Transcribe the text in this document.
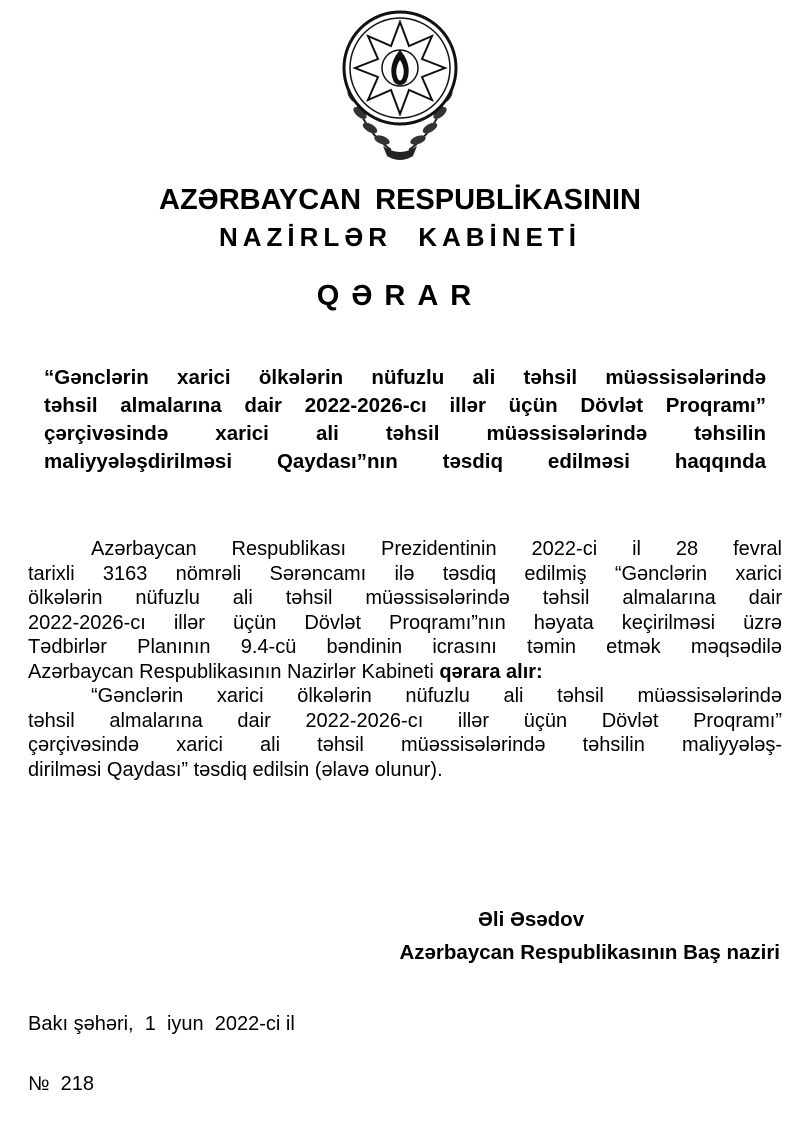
AZƏRBAYCAN RESPUBLİKASININ
NAZİRLƏR KABİNETİ
QƏRAR
“Gənclərin xarici ölkələrin nüfuzlu ali təhsil müəssisələrində
təhsil almalarına dair 2022-2026-cı illər üçün Dövlət Proqramı”
çərçivəsində xarici ali təhsil müəssisələrində təhsilin
maliyyələşdirilməsi Qaydası”nın təsdiq edilməsi haqqında
Azərbaycan Respublikası Prezidentinin 2022-ci il 28 fevral
tarixli 3163 nömrəli Sərəncamı ilə təsdiq edilmiş “Gənclərin xarici
ölkələrin nüfuzlu ali təhsil müəssisələrində təhsil almalarına dair
2022-2026-cı illər üçün Dövlət Proqramı”nın həyata keçirilməsi üzrə
Tədbirlər Planının 9.4-cü bəndinin icrasını təmin etmək məqsədilə
Azərbaycan Respublikasının Nazirlər Kabineti qərara alır:
“Gənclərin xarici ölkələrin nüfuzlu ali təhsil müəssisələrində
təhsil almalarına dair 2022-2026-cı illər üçün Dövlət Proqramı”
çərçivəsində xarici ali təhsil müəssisələrində təhsilin maliyyələş-
dirilməsi Qaydası” təsdiq edilsin (əlavə olunur).
Əli Əsədov
Azərbaycan Respublikasının Baş naziri
Bakı şəhəri,  1  iyun  2022-ci il
№  218
